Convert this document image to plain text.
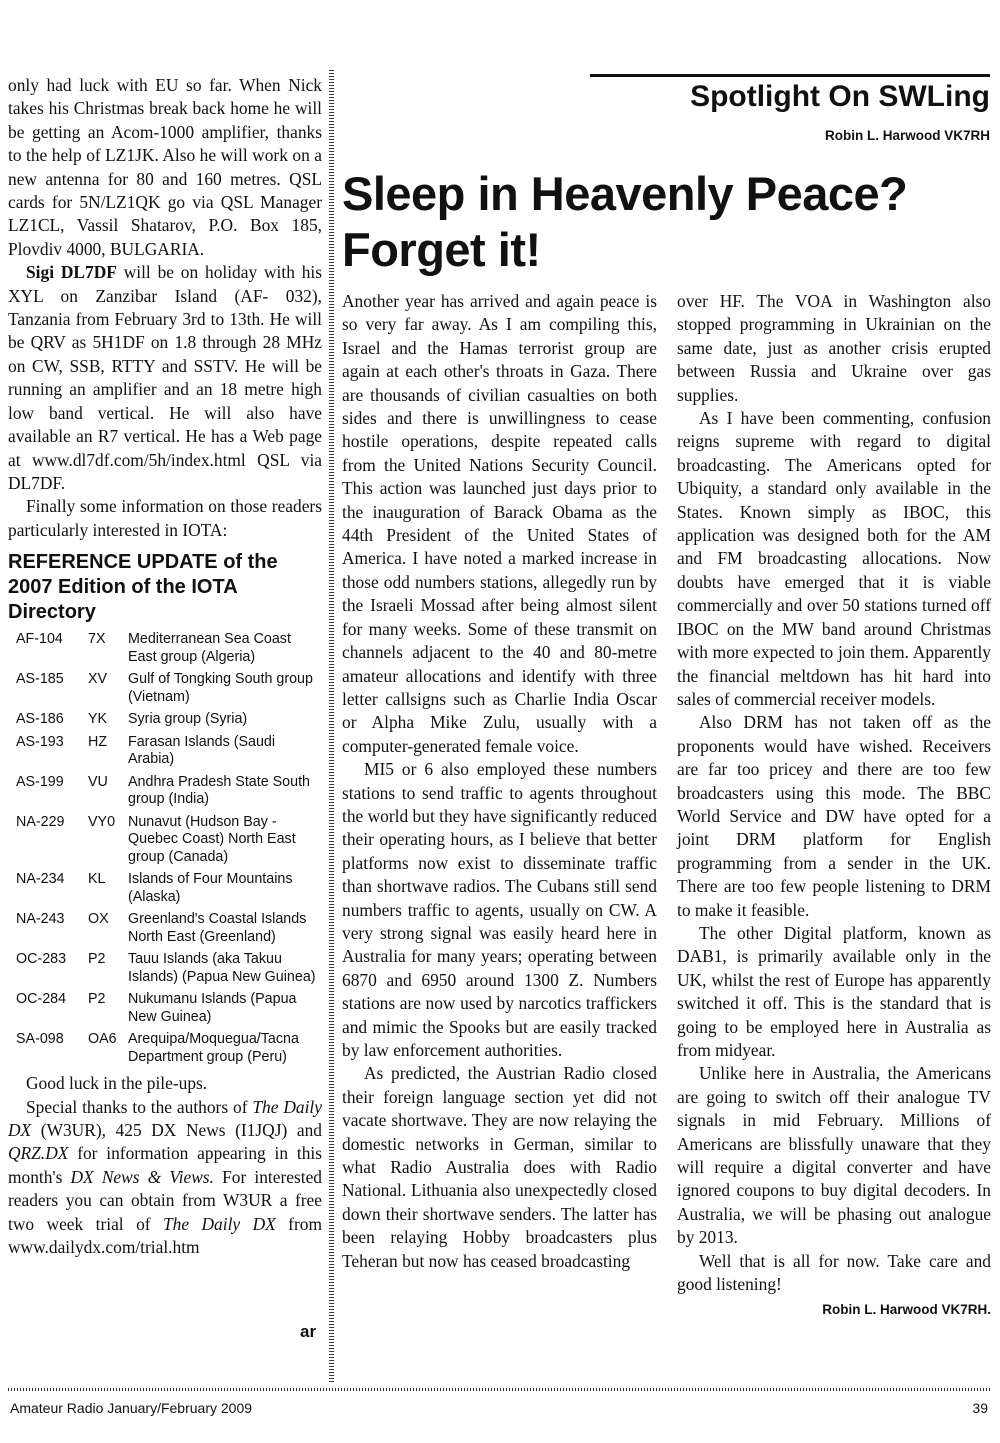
only had luck with EU so far. When Nick takes his Christmas break back home he will be getting an Acom-1000 amplifier, thanks to the help of LZ1JK. Also he will work on a new antenna for 80 and 160 metres. QSL cards for 5N/LZ1QK go via QSL Manager LZ1CL, Vassil Shatarov, P.O. Box 185, Plovdiv 4000, BULGARIA.

Sigi DL7DF will be on holiday with his XYL on Zanzibar Island (AF- 032), Tanzania from February 3rd to 13th. He will be QRV as 5H1DF on 1.8 through 28 MHz on CW, SSB, RTTY and SSTV. He will be running an amplifier and an 18 metre high low band vertical. He will also have available an R7 vertical. He has a Web page at www.dl7df.com/5h/index.html QSL via DL7DF.

Finally some information on those readers particularly interested in IOTA:

REFERENCE UPDATE of the 2007 Edition of the IOTA Directory
AF-104	7X	Mediterranean Sea Coast East group (Algeria)
AS-185	XV	Gulf of Tongking South group (Vietnam)
AS-186	YK	Syria group (Syria)
AS-193	HZ	Farasan Islands (Saudi Arabia)
AS-199	VU	Andhra Pradesh State South group (India)
NA-229	VY0 Nunavut (Hudson Bay - Quebec Coast) North East group (Canada)
NA-234	KL	Islands of Four Mountains (Alaska)
NA-243	OX	Greenland's Coastal Islands North East (Greenland)
OC-283	P2	Tauu Islands (aka Takuu Islands) (Papua New Guinea)
OC-284	P2	Nukumanu Islands (Papua New Guinea)
SA-098	OA6 Arequipa/Moquegua/Tacna Department group (Peru)

Good luck in the pile-ups.

Special thanks to the authors of The Daily DX (W3UR), 425 DX News (I1JQJ) and QRZ.DX for information appearing in this month's DX News & Views. For interested readers you can obtain from W3UR a free two week trial of The Daily DX from www.dailydx.com/trial.htm

ar
Spotlight On SWLing
Robin L. Harwood VK7RH
Sleep in Heavenly Peace?
Forget it!

Another year has arrived and again peace is so very far away. As I am compiling this, Israel and the Hamas terrorist group are again at each other's throats in Gaza. There are thousands of civilian casualties on both sides and there is unwillingness to cease hostile operations, despite repeated calls from the United Nations Security Council. This action was launched just days prior to the inauguration of Barack Obama as the 44th President of the United States of America. I have noted a marked increase in those odd numbers stations, allegedly run by the Israeli Mossad after being almost silent for many weeks. Some of these transmit on channels adjacent to the 40 and 80-metre amateur allocations and identify with three letter callsigns such as Charlie India Oscar or Alpha Mike Zulu, usually with a computer-generated female voice.

MI5 or 6 also employed these numbers stations to send traffic to agents throughout the world but they have significantly reduced their operating hours, as I believe that better platforms now exist to disseminate traffic than shortwave radios. The Cubans still send numbers traffic to agents, usually on CW. A very strong signal was easily heard here in Australia for many years; operating between 6870 and 6950 around 1300 Z. Numbers stations are now used by narcotics traffickers and mimic the Spooks but are easily tracked by law enforcement authorities.

As predicted, the Austrian Radio closed their foreign language section yet did not vacate shortwave. They are now relaying the domestic networks in German, similar to what Radio Australia does with Radio National. Lithuania also unexpectedly closed down their shortwave senders. The latter has been relaying Hobby broadcasters plus Teheran but now has ceased broadcasting

over HF. The VOA in Washington also stopped programming in Ukrainian on the same date, just as another crisis erupted between Russia and Ukraine over gas supplies.

As I have been commenting, confusion reigns supreme with regard to digital broadcasting. The Americans opted for Ubiquity, a standard only available in the States. Known simply as IBOC, this application was designed both for the AM and FM broadcasting allocations. Now doubts have emerged that it is viable commercially and over 50 stations turned off IBOC on the MW band around Christmas with more expected to join them. Apparently the financial meltdown has hit hard into sales of commercial receiver models.

Also DRM has not taken off as the proponents would have wished. Receivers are far too pricey and there are too few broadcasters using this mode. The BBC World Service and DW have opted for a joint DRM platform for English programming from a sender in the UK. There are too few people listening to DRM to make it feasible.

The other Digital platform, known as DAB1, is primarily available only in the UK, whilst the rest of Europe has apparently switched it off. This is the standard that is going to be employed here in Australia as from midyear.

Unlike here in Australia, the Americans are going to switch off their analogue TV signals in mid February. Millions of Americans are blissfully unaware that they will require a digital converter and have ignored coupons to buy digital decoders. In Australia, we will be phasing out analogue by 2013.

Well that is all for now. Take care and good listening!

Robin L. Harwood VK7RH.
Amateur Radio January/February 2009	39
